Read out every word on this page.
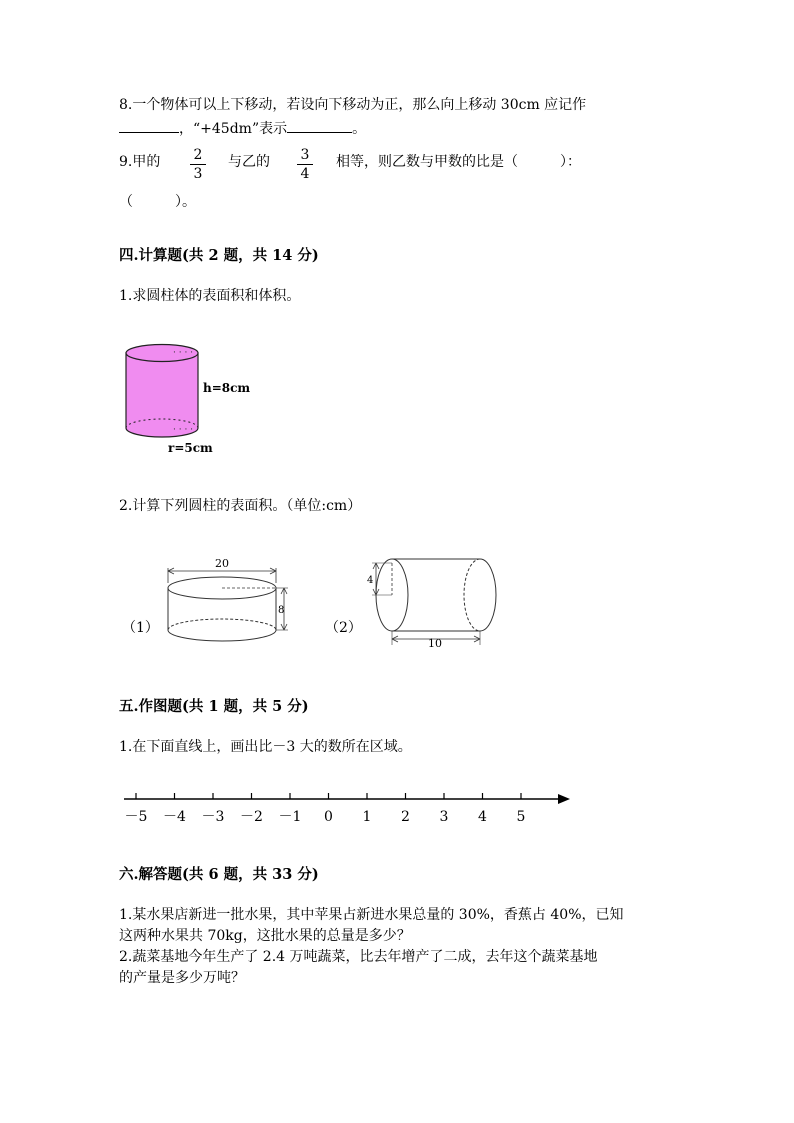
8.一个物体可以上下移动，若设向下移动为正，那么向上移动 30cm 应记作
，“+45dm”表示	。
9.甲的 2
3
与乙的 3
4
相等，则乙数与甲数的比是（　　　）：
（　　　）。
四.计算题(共 2 题，共 14 分)
1.求圆柱体的表面积和体积。
· · · ·
· · · ·
h=8cm
r=5cm
2.计算下列圆柱的表面积。（单位:cm）
（1）
20
8
（2）
4
10
五.作图题(共 1 题，共 5 分)
1.在下面直线上，画出比－3 大的数所在区域。
－5 －4 －3 －2 －1 0 1 2 3 4 5
六.解答题(共 6 题，共 33 分)
1.某水果店新进一批水果，其中苹果占新进水果总量的 30%，香蕉占 40%，已知
这两种水果共 70kg，这批水果的总量是多少？
2.蔬菜基地今年生产了 2.4 万吨蔬菜，比去年增产了二成，去年这个蔬菜基地
的产量是多少万吨？
